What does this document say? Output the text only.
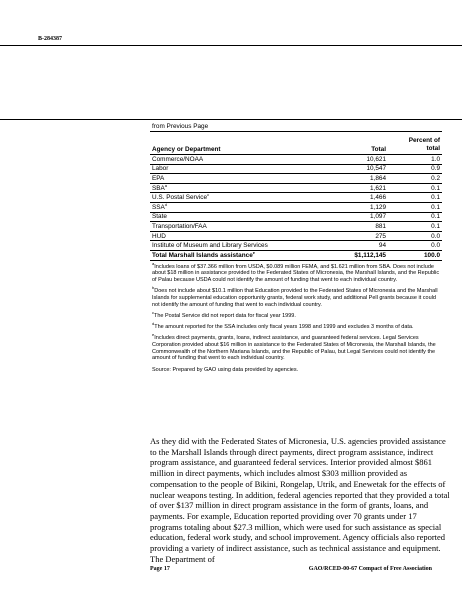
B-284387
from Previous Page
Agency or Department	Total
Percent of
total
Commerce/NOAA	10,621	1.0
Labor	10,547	0.9
EPA	1,864	0.2
SBA$^a$	1,621	0.1
U.S. Postal Service$^c$	1,466	0.1
SSA$^d$	1,129	0.1
State	1,097	0.1
Transportation/FAA	881	0.1
HUD	275	0.0
Institute of Museum and Library Services	94	0.0
Total Marshall Islands assistance$^e$	$1,112,145	100.0

$^a$Includes loans of $37.366 million from USDA, $0.089 million FEMA, and $1.621 million from SBA. Does not include about $18 million in assistance provided to the Federated States of Micronesia, the Marshall Islands, and the Republic of Palau because USDA could not identify the amount of funding that went to each individual country.

$^b$Does not include about $10.1 million that Education provided to the Federated States of Micronesia and the Marshall Islands for supplemental education opportunity grants, federal work study, and additional Pell grants because it could not identify the amount of funding that went to each individual country.

$^c$The Postal Service did not report data for fiscal year 1999.

$^d$The amount reported for the SSA includes only fiscal years 1998 and 1999 and excludes 3 months of data.

$^e$Includes direct payments, grants, loans, indirect assistance, and guaranteed federal services. Legal Services Corporation provided about $16 million in assistance to the Federated States of Micronesia, the Marshall Islands, the Commonwealth of the Northern Mariana Islands, and the Republic of Palau, but Legal Services could not identify the amount of funding that went to each individual country.

Source: Prepared by GAO using data provided by agencies.

As they did with the Federated States of Micronesia, U.S. agencies provided assistance to the Marshall Islands through direct payments, direct program assistance, indirect program assistance, and guaranteed federal services. Interior provided almost $861 million in direct payments, which includes almost $303 million provided as compensation to the people of Bikini, Rongelap, Utrik, and Enewetak for the effects of nuclear weapons testing. In addition, federal agencies reported that they provided a total of over $137 million in direct program assistance in the form of grants, loans, and payments. For example, Education reported providing over 70 grants under 17 programs totaling about $27.3 million, which were used for such assistance as special education, federal work study, and school improvement. Agency officials also reported providing a variety of indirect assistance, such as technical assistance and equipment. The Department of

Page 17	GAO/RCED-00-67 Compact of Free Association
